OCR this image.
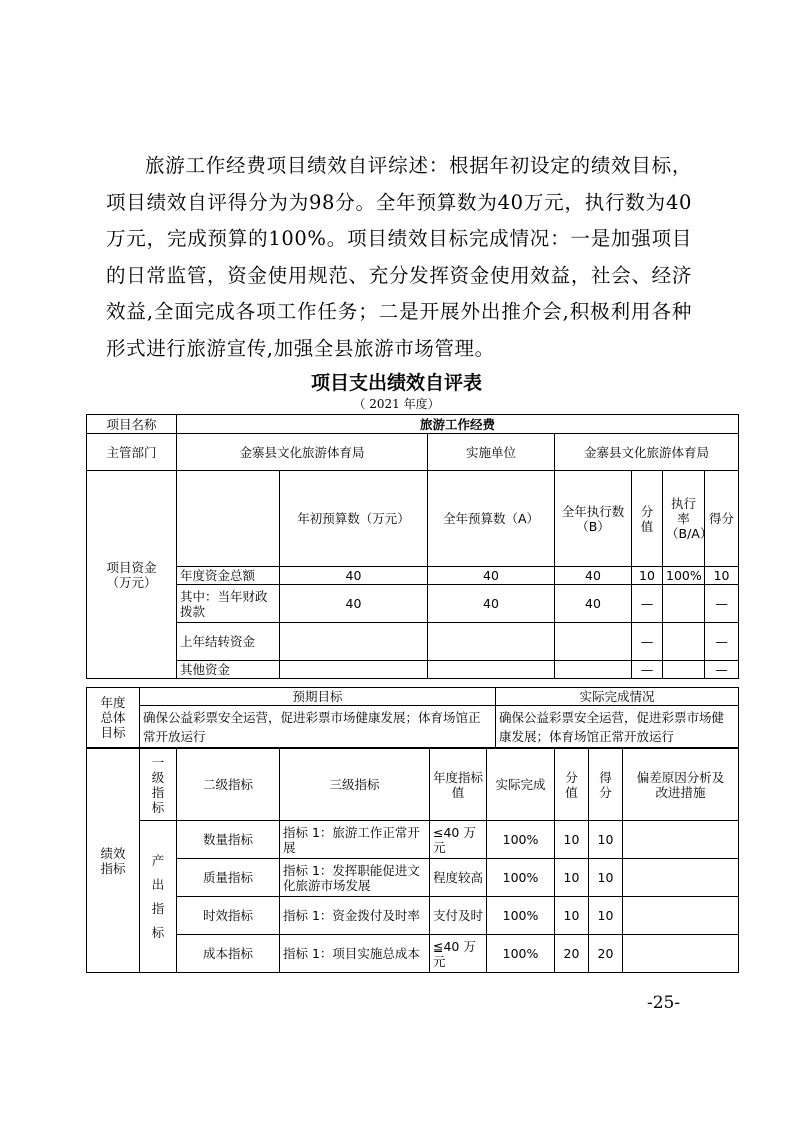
旅游工作经费项目绩效自评综述：根据年初设定的绩效目标，项目绩效自评得分为为98分。全年预算数为40万元，执行数为40万元，完成预算的100%。项目绩效目标完成情况：一是加强项目的日常监管，资金使用规范、充分发挥资金使用效益，社会、经济效益,全面完成各项工作任务；二是开展外出推介会,积极利用各种形式进行旅游宣传,加强全县旅游市场管理。

项目支出绩效自评表
（ 2021 年度）
项目名称	旅游工作经费						
主管部门	金寨县文化旅游体育局		实施单位	金寨县文化旅游体育局			
项目资金（万元）		年初预算数（万元）	全年预算数（A）	全年执行数（B）	分值	执行率（B/A）	得分
	年度资金总额	40	40	40	10	100%	10
	其中：当年财政拨款	40	40	40	—		—
	上年结转资金				—		—
	其他资金				—		—
年度总体目标	预期目标	实际完成情况
	确保公益彩票安全运营，促进彩票市场健康发展；体育场馆正常开放运行	确保公益彩票安全运营，促进彩票市场健康发展；体育场馆正常开放运行
绩效指标	一级指标	二级指标	三级指标	年度指标值	实际完成	分值	得分	偏差原因分析及改进措施
	产出指标	数量指标	指标 1：旅游工作正常开展	≤40 万元	100%	10	10	
		质量指标	指标 1：发挥职能促进文化旅游市场发展	程度较高	100%	10	10	
		时效指标	指标 1：资金拨付及时率	支付及时	100%	10	10	
		成本指标	指标 1：项目实施总成本	≦40 万元	100%	20	20	
-25-
